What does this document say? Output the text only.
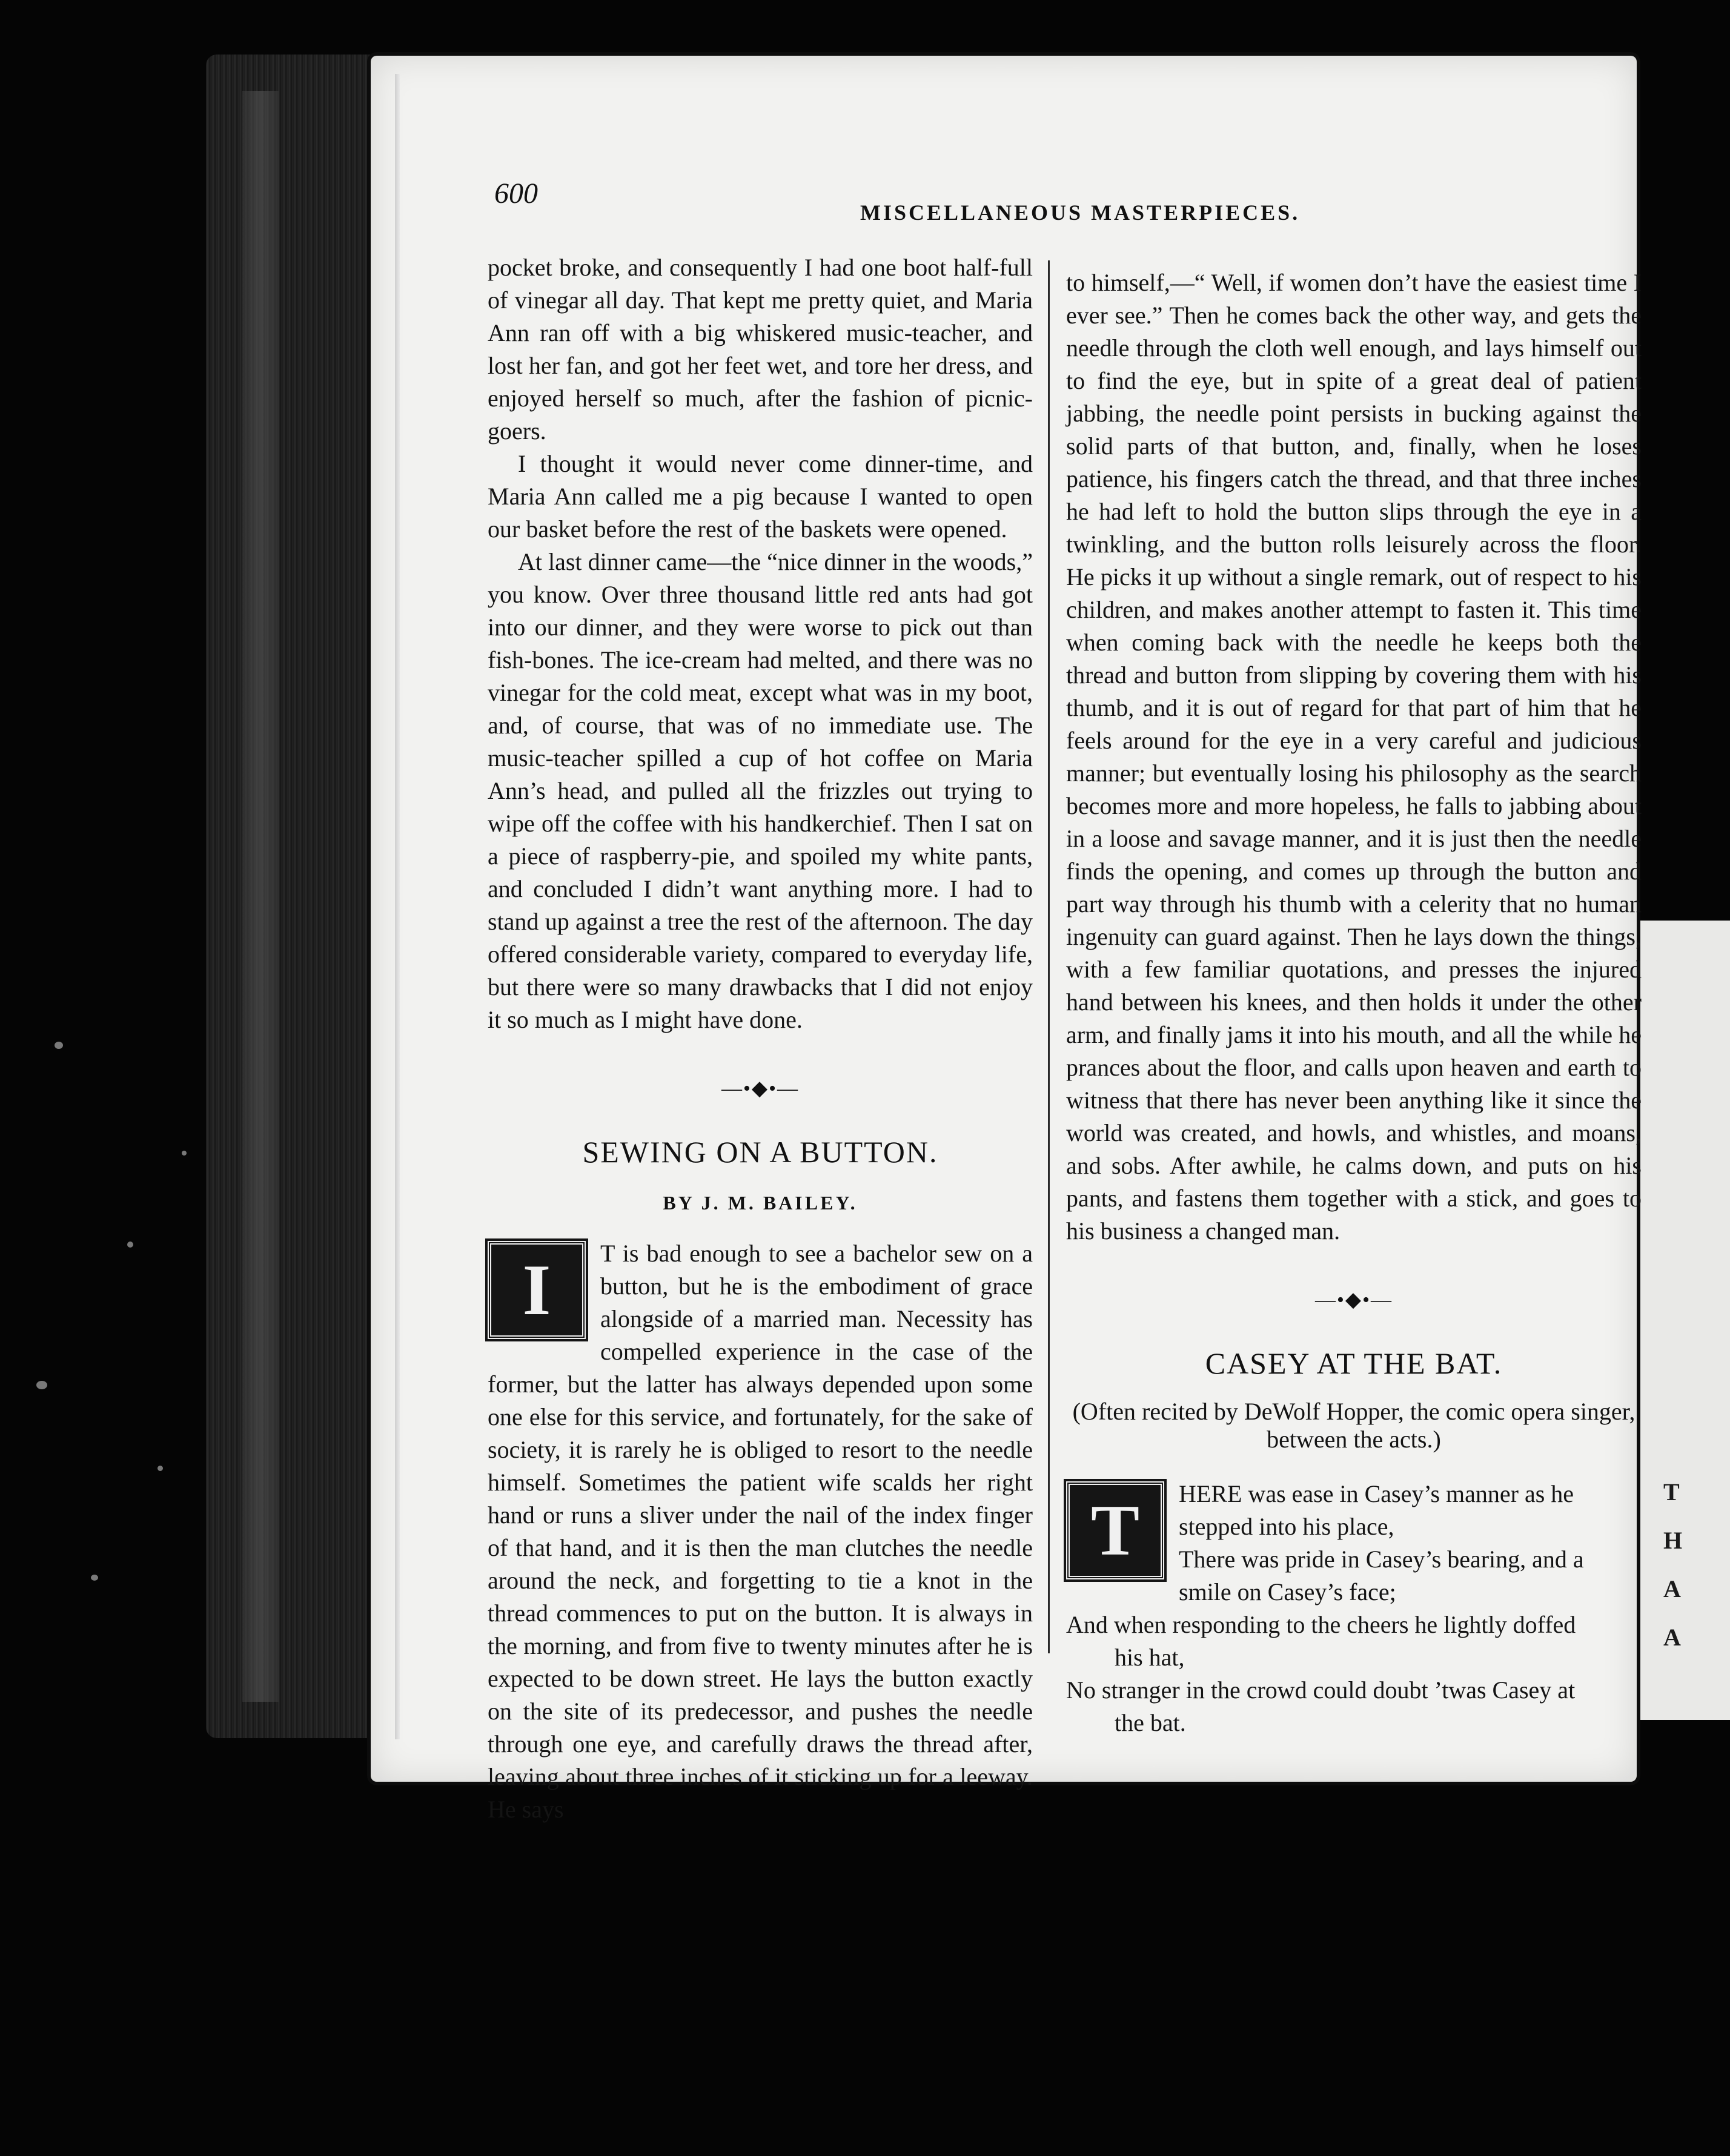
T
H
A
A
600
MISCELLANEOUS MASTERPIECES.

pocket broke, and consequently I had one boot half-full of vinegar all day. That kept me pretty quiet, and Maria Ann ran off with a big whiskered music-teacher, and lost her fan, and got her feet wet, and tore her dress, and enjoyed herself so much, after the fashion of picnic-goers.

I thought it would never come dinner-time, and Maria Ann called me a pig because I wanted to open our basket before the rest of the baskets were opened.

At last dinner came—the “nice dinner in the woods,” you know. Over three thousand little red ants had got into our dinner, and they were worse to pick out than fish-bones. The ice-cream had melted, and there was no vinegar for the cold meat, except what was in my boot, and, of course, that was of no immediate use. The music-teacher spilled a cup of hot coffee on Maria Ann’s head, and pulled all the frizzles out trying to wipe off the coffee with his handkerchief. Then I sat on a piece of raspberry-pie, and spoiled my white pants, and concluded I didn’t want anything more. I had to stand up against a tree the rest of the afternoon. The day offered considerable variety, compared to everyday life, but there were so many drawbacks that I did not enjoy it so much as I might have done.

—•◆•—
SEWING ON A BUTTON.
BY J. M. BAILEY.

I	T is bad enough to see a bachelor sew on a button, but he is the embodiment of grace alongside of a married man. Necessity has compelled experience in the case of the former, but the latter has always depended upon some one else for this service, and fortunately, for the sake of society, it is rarely he is obliged to resort to the needle himself. Sometimes the patient wife scalds her right hand or runs a sliver under the nail of the index finger of that hand, and it is then the man clutches the needle around the neck, and forgetting to tie a knot in the thread commences to put on the button. It is always in the morning, and from five to twenty minutes after he is expected to be down street. He lays the button exactly on the site of its predecessor, and pushes the needle through one eye, and carefully draws the thread after, leaving about three inches of it sticking up for a leeway. He says

to himself,—“ Well, if women don’t have the easiest time I ever see.” Then he comes back the other way, and gets the needle through the cloth well enough, and lays himself out to find the eye, but in spite of a great deal of patient jabbing, the needle point persists in bucking against the solid parts of that button, and, finally, when he loses patience, his fingers catch the thread, and that three inches he had left to hold the button slips through the eye in a twinkling, and the button rolls leisurely across the floor. He picks it up without a single remark, out of respect to his children, and makes another attempt to fasten it. This time when coming back with the needle he keeps both the thread and button from slipping by covering them with his thumb, and it is out of regard for that part of him that he feels around for the eye in a very careful and judicious manner; but eventually losing his philosophy as the search becomes more and more hopeless, he falls to jabbing about in a loose and savage manner, and it is just then the needle finds the opening, and comes up through the button and part way through his thumb with a celerity that no human ingenuity can guard against. Then he lays down the things, with a few familiar quotations, and presses the injured hand between his knees, and then holds it under the other arm, and finally jams it into his mouth, and all the while he prances about the floor, and calls upon heaven and earth to witness that there has never been anything like it since the world was created, and howls, and whistles, and moans, and sobs. After awhile, he calms down, and puts on his pants, and fastens them together with a stick, and goes to his business a changed man.

—•◆•—
CASEY AT THE BAT.
(Often recited by DeWolf Hopper, the comic opera singer, between the acts.)
T	HERE was ease in Casey’s manner as he

stepped into his place,

There was pride in Casey’s bearing, and a

smile on Casey’s face;

And when responding to the cheers he lightly doffed

his hat,

No stranger in the crowd could doubt ’twas Casey at

the bat.
